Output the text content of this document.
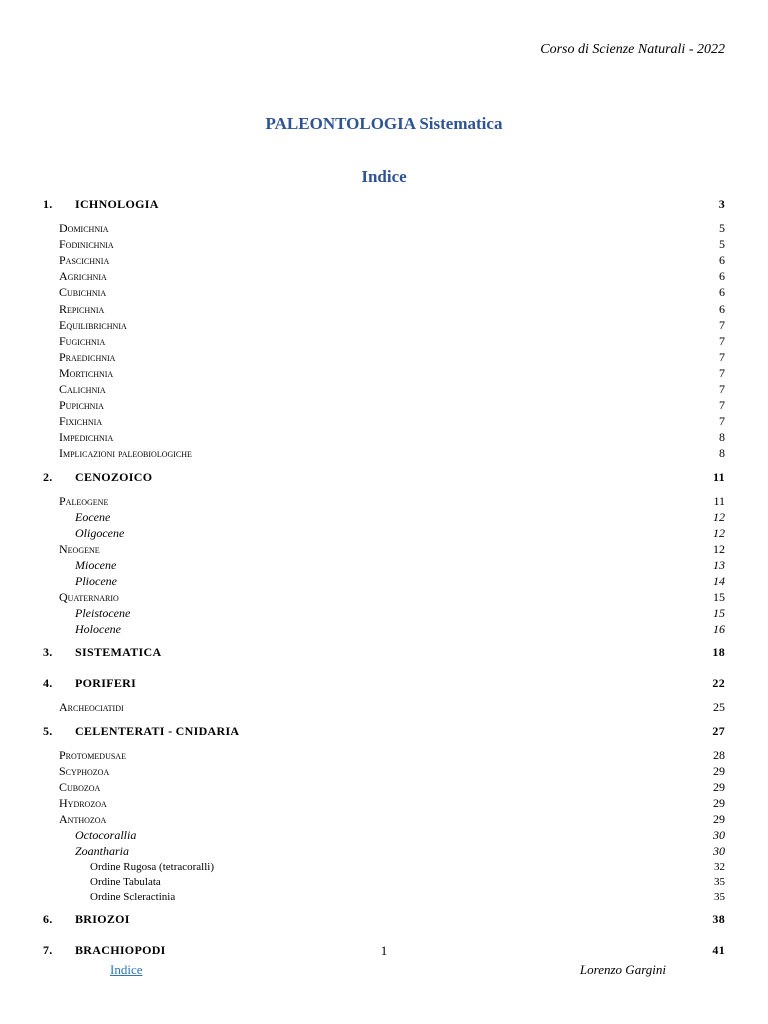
Corso di Scienze Naturali - 2022
PALEONTOLOGIA Sistematica
Indice
1. ICHNOLOGIA	3
Domichnia	5
Fodinichnia	5
Pascichnia	6
Agrichnia	6
Cubichnia	6
Repichnia	6
Equilibrichnia	7
Fugichnia	7
Praedichnia	7
Mortichnia	7
Calichnia	7
Pupichnia	7
Fixichnia	7
Impedichnia	8
Implicazioni paleobiologiche	8
2. CENOZOICO	11
Paleogene	11
Eocene	12
Oligocene	12
Neogene	12
Miocene	13
Pliocene	14
Quaternario	15
Pleistocene	15
Holocene	16
3. SISTEMATICA	18
4. PORIFERI	22
Archeociatidi	25
5. CELENTERATI - CNIDARIA	27
Protomedusae	28
Scyphozoa	29
Cubozoa	29
Hydrozoa	29
Anthozoa	29
Octocorallia	30
Zoantharia	30
Ordine Rugosa (tetracoralli)	32
Ordine Tabulata	35
Ordine Scleractinia	35
6. BRIOZOI	38
7. BRACHIOPODI	41
1
Indice	Lorenzo Gargini
